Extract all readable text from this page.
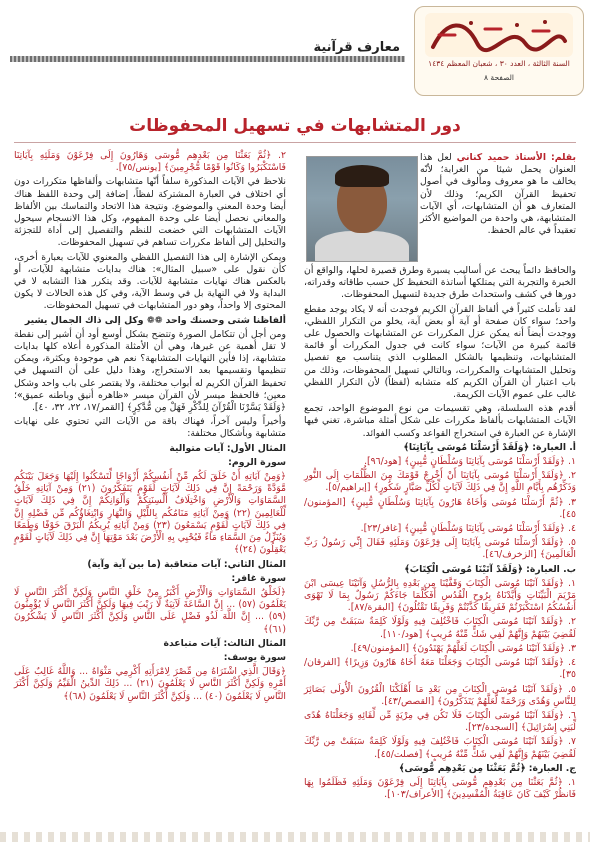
السنة الثالثة ، العدد ٣٠ ، شعبان المعظم ١٤٣٤
الصفحة ٨
معارف قرآنية
دور المتشابهات في تسهيل المحفوظات
بقلم: الأستاذ حميد كناني لعل هذا العنوان يحمل شيئا من الغرابة؛ لأنّه يخالف ما هو معروف ومألوف في أصول تحفيظ القرآن الكريم؛ وذلك لأن المتعارف هو أن المتشابهات، أي الآيات المتشابهة، هي واحدة من المواضيع الأكثر تعقيداً في عالم الحفظ.

والحافظ دائماً يبحث عن أساليب يسيرة وطرق قصيرة لحلها، والواقع أن الخبرة والتجربة التي يمتلكها أساتذة التحفيظ كل حسب طاقاته وقدراته، دورها في كشف واستحداث طرق جديدة لتسهيل المحفوظات.

لقد تأملت كثيراً في ألفاظ القرآن الكريم فوجدت أنه لا يكاد يوجد مقطع واحد؛ سواء كان صفحة أو آية أو بعض آية، يخلو من التكرار اللفظي، ووجدت أيضاً أنه يمكن عزل المكررات عن المتشابهات والحصول على قائمة كبيرة من الآيات؛ سواء كانت في جدول المكررات أو قائمة المتشابهات، وتنظيمها بالشكل المطلوب الذي يتناسب مع تفصيل وتحليل المتشابهات والمكررات، وبالتالي تسهيل المحفوظات، وذلك من باب اعتبار أن القرآن الكريم كله متشابه (لفظاً) لأن التكرار اللفظي غالب على عموم الآيات الكريمة.

أقدم هذه السلسلة، وهي تقسيمات من نوع الموضوع الواحد، تجمع الآيات المتشابهات بألفاظ مكررات على شكل أمثلة مباشرة، تغني فيها الإشارة عن العبارة في استخراج القواعد وكسب الفوائد.

أ. العبارة: ﴿وَلَقَدْ أَرْسَلْنَا مُوسَى بِآيَاتِنَا﴾

١. ﴿وَلَقَدْ أَرْسَلْنَا مُوسَى بِآيَاتِنَا وَسُلْطَانٍ مُّبِينٍ﴾ [هود/٩٦].

٢. ﴿وَلَقَدْ أَرْسَلْنَا مُوسَى بِآيَاتِنَا أَنْ أَخْرِجْ قَوْمَكَ مِنَ الظُّلُمَاتِ إِلَى النُّورِ وَذَكِّرْهُم بِأَيَّامِ اللَّهِ إِنَّ فِي ذَلِكَ لَآيَاتٍ لِّكُلِّ صَبَّارٍ شَكُورٍ﴾ [إبراهيم/٥].

٣. ﴿ثُمَّ أَرْسَلْنَا مُوسَى وَأَخَاهُ هَارُونَ بِآيَاتِنَا وَسُلْطَانٍ مُّبِينٍ﴾ [المؤمنون/٤٥].

٤. ﴿وَلَقَدْ أَرْسَلْنَا مُوسَى بِآيَاتِنَا وَسُلْطَانٍ مُّبِينٍ﴾ [غافر/٢٣].

٥. ﴿وَلَقَدْ أَرْسَلْنَا مُوسَى بِآيَاتِنَا إِلَى فِرْعَوْنَ وَمَلَئِهِ فَقَالَ إِنِّي رَسُولُ رَبِّ الْعَالَمِينَ﴾ [الزخرف/٤٦].

ب. العبارة: ﴿وَلَقَدْ آتَيْنَا مُوسَى الْكِتَابَ﴾

١. ﴿وَلَقَدْ آتَيْنَا مُوسَى الْكِتَابَ وَقَفَّيْنَا مِن بَعْدِهِ بِالرُّسُلِ وَآتَيْنَا عِيسَى ابْنَ مَرْيَمَ الْبَيِّنَاتِ وَأَيَّدْنَاهُ بِرُوحِ الْقُدُسِ أَفَكُلَّمَا جَاءَكُمْ رَسُولٌ بِمَا لَا تَهْوَى أَنفُسُكُمُ اسْتَكْبَرْتُمْ فَفَرِيقًا كَذَّبْتُمْ وَفَرِيقًا تَقْتُلُونَ﴾ [البقرة/٨٧].

٢. ﴿وَلَقَدْ آتَيْنَا مُوسَى الْكِتَابَ فَاخْتُلِفَ فِيهِ وَلَوْلَا كَلِمَةٌ سَبَقَتْ مِن رَّبِّكَ لَقُضِيَ بَيْنَهُمْ وَإِنَّهُمْ لَفِي شَكٍّ مِّنْهُ مُرِيبٍ﴾ [هود/١١٠].

٣. ﴿وَلَقَدْ آتَيْنَا مُوسَى الْكِتَابَ لَعَلَّهُمْ يَهْتَدُونَ﴾ [المؤمنون/٤٩].

٤. ﴿وَلَقَدْ آتَيْنَا مُوسَى الْكِتَابَ وَجَعَلْنَا مَعَهُ أَخَاهُ هَارُونَ وَزِيرًا﴾ [الفرقان/٣٥].

٥. ﴿وَلَقَدْ آتَيْنَا مُوسَى الْكِتَابَ مِن بَعْدِ مَا أَهْلَكْنَا الْقُرُونَ الْأُولَى بَصَائِرَ لِلنَّاسِ وَهُدًى وَرَحْمَةً لَّعَلَّهُمْ يَتَذَكَّرُونَ﴾ [القصص/٤٣].

٦. ﴿وَلَقَدْ آتَيْنَا مُوسَى الْكِتَابَ فَلَا تَكُن فِي مِرْيَةٍ مِّن لِّقَائِهِ وَجَعَلْنَاهُ هُدًى لِّبَنِي إِسْرَائِيلَ﴾ [السجدة/٢٣].

٧. ﴿وَلَقَدْ آتَيْنَا مُوسَى الْكِتَابَ فَاخْتُلِفَ فِيهِ وَلَوْلَا كَلِمَةٌ سَبَقَتْ مِن رَّبِّكَ لَقُضِيَ بَيْنَهُمْ وَإِنَّهُمْ لَفِي شَكٍّ مِّنْهُ مُرِيبٍ﴾ [فصلت/٤٥].

ج. العبارة: ﴿ثُمَّ بَعَثْنَا مِن بَعْدِهِم مُّوسَى﴾

١. ﴿ثُمَّ بَعَثْنَا مِن بَعْدِهِم مُّوسَى بِآيَاتِنَا إِلَى فِرْعَوْنَ وَمَلَئِهِ فَظَلَمُوا بِهَا فَانظُرْ كَيْفَ كَانَ عَاقِبَةُ الْمُفْسِدِينَ﴾ [الأعراف/١٠٣].

٢. ﴿ثُمَّ بَعَثْنَا مِن بَعْدِهِم مُّوسَى وَهَارُونَ إِلَى فِرْعَوْنَ وَمَلَئِهِ بِآيَاتِنَا فَاسْتَكْبَرُوا وَكَانُوا قَوْمًا مُّجْرِمِينَ﴾ [يونس/٧٥].

نلاحظ في الآيات المذكورة سلفاً أنّها متشابهات وألفاظها متكررات دون أي اختلاف في العبارة المشتركة لفظاً، إضافة إلى وحدة اللفظ هناك أيضا وحدة المعنى والموضوع. ونتيجة هذا الاتحاد والتماسك بين الألفاظ والمعاني نحصل أيضا على وحدة المفهوم، وكل هذا الانسجام سيحول الآيات المتشابهات التي خضعت للنظم والتفصيل إلى أداة للتجزئة والتحليل إلى ألفاظ مكررات تساهم في تسهيل المحفوظات.

ويمكن الإشارة إلى هذا التفصيل اللفظي والمعنوي للآيات بعبارة أخرى، كأن نقول على «سبيل المثال»: هناك بدايات متشابهة للآيات، أو بالعكس هناك نهايات متشابهة للآيات. وقد يتكرر هذا التشابه لا في البداية ولا في النهاية بل في وسط الآية، وفي كل هذه الحالات لا يكون المحتوى إلا واحداً، وهو دور المتشابهات في تسهيل المحفوظات.

ألفاظنا شتى وحسنك واحد ❁❁ وكل إلى ذاك الجمال يشير

ومن أجل أن تتكامل الصورة وتتضح بشكل أوسع أود أن أشير إلى نقطة لا تقل أهمية عن غيرها، وهي أن الأمثلة المذكورة أعلاه كلها بدايات متشابهة، إذا فأين النهايات المتشابهة؟ نعم هي موجودة وبكثرة، ويمكن تنظيمها وتقسيمها بعد الاستخراج، وهذا دليل على أن التسهيل في تحفيظ القرآن الكريم له أبواب مختلفة، ولا يقتصر على باب واحد وشكل معين؛ فالحفظ ميسر لأن القرآن ميسر «ظاهره أنيق وباطنه عميق»؛ ﴿وَلَقَدْ يَسَّرْنَا الْقُرْآنَ لِلذِّكْرِ فَهَلْ مِن مُّدَّكِرٍ﴾ [القمر/١٧، ٢٢، ٣٢، ٤٠].

وأخيراً وليس آخراً، فهناك باقة من الآيات التي تحتوي على نهايات متشابهة وبأشكال مختلفة:

المثال الأول: آيات متوالية

سورة الروم:

﴿وَمِنْ آيَاتِهِ أَنْ خَلَقَ لَكُم مِّنْ أَنفُسِكُمْ أَزْوَاجًا لِّتَسْكُنُوا إِلَيْهَا وَجَعَلَ بَيْنَكُم مَّوَدَّةً وَرَحْمَةً إِنَّ فِي ذَلِكَ لَآيَاتٍ لِّقَوْمٍ يَتَفَكَّرُونَ (٢١) وَمِنْ آيَاتِهِ خَلْقُ السَّمَاوَاتِ وَالْأَرْضِ وَاخْتِلَافُ أَلْسِنَتِكُمْ وَأَلْوَانِكُمْ إِنَّ فِي ذَلِكَ لَآيَاتٍ لِّلْعَالِمِينَ (٢٢) وَمِنْ آيَاتِهِ مَنَامُكُم بِاللَّيْلِ وَالنَّهَارِ وَابْتِغَاؤُكُم مِّن فَضْلِهِ إِنَّ فِي ذَلِكَ لَآيَاتٍ لِّقَوْمٍ يَسْمَعُونَ (٢٣) وَمِنْ آيَاتِهِ يُرِيكُمُ الْبَرْقَ خَوْفًا وَطَمَعًا وَيُنَزِّلُ مِنَ السَّمَاءِ مَاءً فَيُحْيِي بِهِ الْأَرْضَ بَعْدَ مَوْتِهَا إِنَّ فِي ذَلِكَ لَآيَاتٍ لِّقَوْمٍ يَعْقِلُونَ (٢٤)﴾

المثال الثاني: آيات متعاقبة (ما بين آية وآية)

سورة غافر:

﴿لَخَلْقُ السَّمَاوَاتِ وَالْأَرْضِ أَكْبَرُ مِنْ خَلْقِ النَّاسِ وَلَكِنَّ أَكْثَرَ النَّاسِ لَا يَعْلَمُونَ (٥٧) ... إِنَّ السَّاعَةَ لَآتِيَةٌ لَّا رَيْبَ فِيهَا وَلَكِنَّ أَكْثَرَ النَّاسِ لَا يُؤْمِنُونَ (٥٩) ... إِنَّ اللَّهَ لَذُو فَضْلٍ عَلَى النَّاسِ وَلَكِنَّ أَكْثَرَ النَّاسِ لَا يَشْكُرُونَ (٦١)﴾

المثال الثالث: آيات متباعدة

سورة يوسف:

﴿وَقَالَ الَّذِي اشْتَرَاهُ مِن مِّصْرَ لِامْرَأَتِهِ أَكْرِمِي مَثْوَاهُ ... وَاللَّهُ غَالِبٌ عَلَى أَمْرِهِ وَلَكِنَّ أَكْثَرَ النَّاسِ لَا يَعْلَمُونَ (٢١) ... ذَلِكَ الدِّينُ الْقَيِّمُ وَلَكِنَّ أَكْثَرَ النَّاسِ لَا يَعْلَمُونَ (٤٠) ... وَلَكِنَّ أَكْثَرَ النَّاسِ لَا يَعْلَمُونَ (٦٨)﴾
